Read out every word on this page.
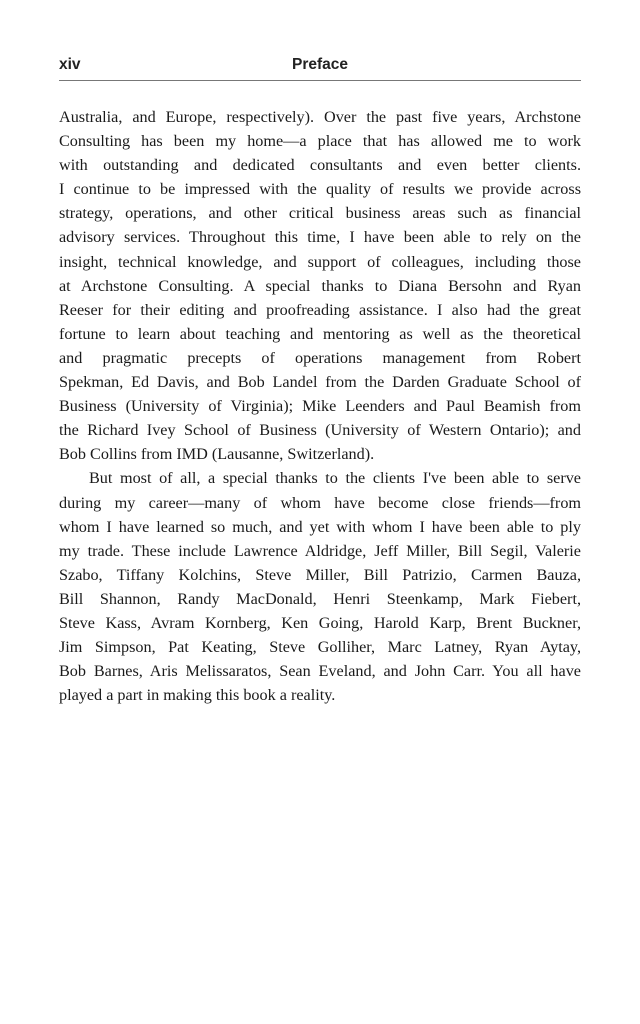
xiv	Preface
Australia, and Europe, respectively). Over the past five years, Archstone
Consulting has been my home—a place that has allowed me to work
with outstanding and dedicated consultants and even better clients.
I continue to be impressed with the quality of results we provide across
strategy, operations, and other critical business areas such as financial
advisory services. Throughout this time, I have been able to rely on the
insight, technical knowledge, and support of colleagues, including those
at Archstone Consulting. A special thanks to Diana Bersohn and Ryan
Reeser for their editing and proofreading assistance. I also had the great
fortune to learn about teaching and mentoring as well as the theoretical
and pragmatic precepts of operations management from Robert
Spekman, Ed Davis, and Bob Landel from the Darden Graduate School of
Business (University of Virginia); Mike Leenders and Paul Beamish from
the Richard Ivey School of Business (University of Western Ontario); and
Bob Collins from IMD (Lausanne, Switzerland).
But most of all, a special thanks to the clients I've been able to serve
during my career—many of whom have become close friends—from
whom I have learned so much, and yet with whom I have been able to ply
my trade. These include Lawrence Aldridge, Jeff Miller, Bill Segil, Valerie
Szabo, Tiffany Kolchins, Steve Miller, Bill Patrizio, Carmen Bauza,
Bill Shannon, Randy MacDonald, Henri Steenkamp, Mark Fiebert,
Steve Kass, Avram Kornberg, Ken Going, Harold Karp, Brent Buckner,
Jim Simpson, Pat Keating, Steve Golliher, Marc Latney, Ryan Aytay,
Bob Barnes, Aris Melissaratos, Sean Eveland, and John Carr. You all have
played a part in making this book a reality.
